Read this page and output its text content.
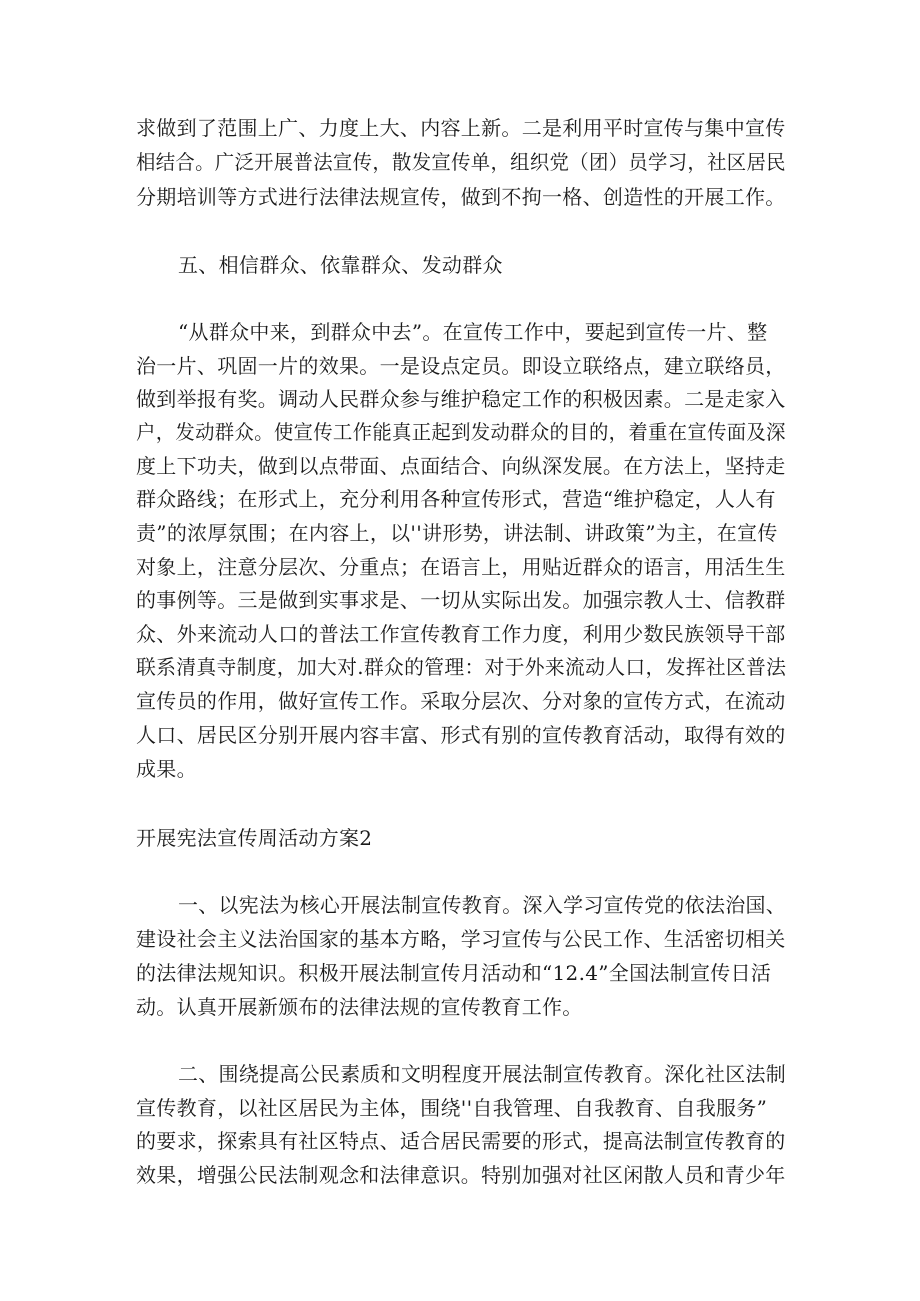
求做到了范围上广、力度上大、内容上新。二是利用平时宣传与集中宣传
相结合。广泛开展普法宣传，散发宣传单，组织党（团）员学习，社区居民
分期培训等方式进行法律法规宣传，做到不拘一格、创造性的开展工作。
五、相信群众、依靠群众、发动群众
“从群众中来，到群众中去”。在宣传工作中，要起到宣传一片、整
治一片、巩固一片的效果。一是设点定员。即设立联络点，建立联络员，
做到举报有奖。调动人民群众参与维护稳定工作的积极因素。二是走家入
户，发动群众。使宣传工作能真正起到发动群众的目的，着重在宣传面及深
度上下功夫，做到以点带面、点面结合、向纵深发展。在方法上，坚持走
群众路线；在形式上，充分利用各种宣传形式，营造“维护稳定，人人有
责”的浓厚氛围；在内容上，以''讲形势，讲法制、讲政策”为主，在宣传
对象上，注意分层次、分重点；在语言上，用贴近群众的语言，用活生生
的事例等。三是做到实事求是、一切从实际出发。加强宗教人士、信教群
众、外来流动人口的普法工作宣传教育工作力度，利用少数民族领导干部
联系清真寺制度，加大对.群众的管理：对于外来流动人口，发挥社区普法
宣传员的作用，做好宣传工作。采取分层次、分对象的宣传方式，在流动
人口、居民区分别开展内容丰富、形式有别的宣传教育活动，取得有效的
成果。
开展宪法宣传周活动方案2
一、以宪法为核心开展法制宣传教育。深入学习宣传党的依法治国、
建设社会主义法治国家的基本方略，学习宣传与公民工作、生活密切相关
的法律法规知识。积极开展法制宣传月活动和“12.4”全国法制宣传日活
动。认真开展新颁布的法律法规的宣传教育工作。
二、围绕提高公民素质和文明程度开展法制宣传教育。深化社区法制
宣传教育，以社区居民为主体，围绕''自我管理、自我教育、自我服务”
的要求，探索具有社区特点、适合居民需要的形式，提高法制宣传教育的
效果，增强公民法制观念和法律意识。特别加强对社区闲散人员和青少年
